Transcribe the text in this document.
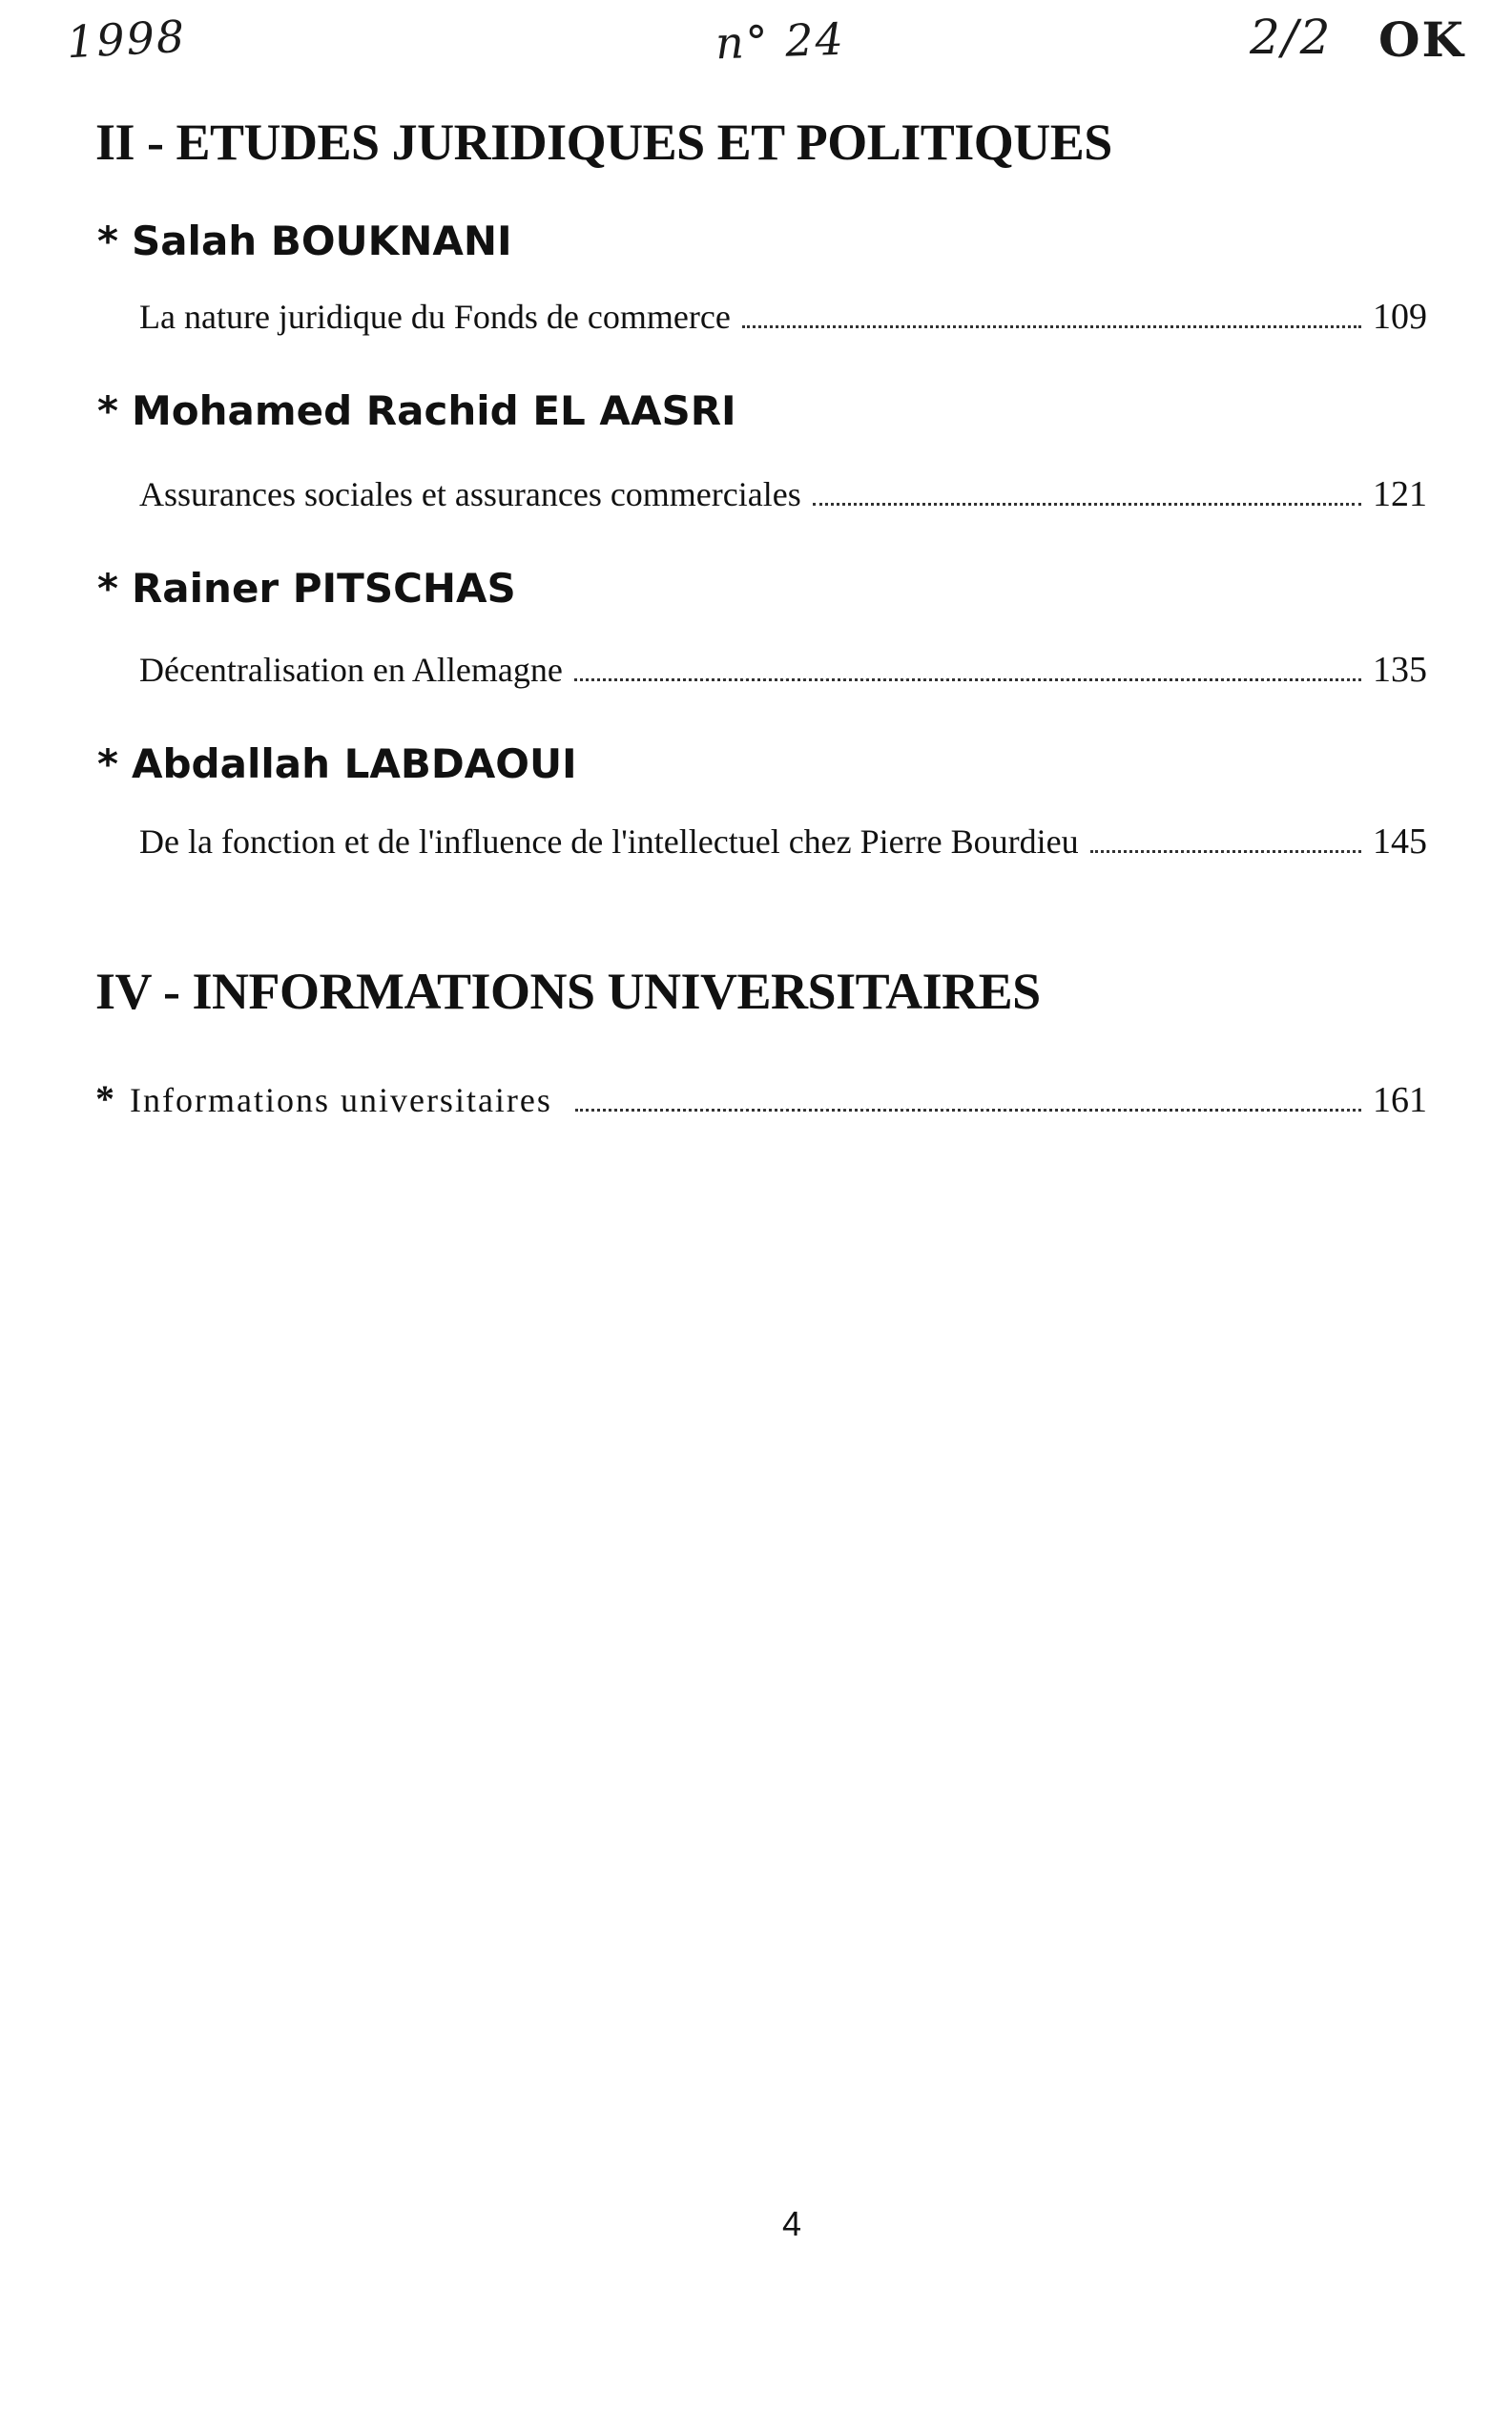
1998	n° 24	2/2 OK
II - ETUDES JURIDIQUES ET POLITIQUES
* Salah BOUKNANI
La nature juridique du Fonds de commerce	109
* Mohamed Rachid EL AASRI
Assurances sociales et assurances commerciales	121
* Rainer PITSCHAS
Décentralisation en Allemagne	135
* Abdallah LABDAOUI
De la fonction et de l'influence de l'intellectuel chez Pierre Bourdieu	145
IV - INFORMATIONS UNIVERSITAIRES
* Informations universitaires	161
4
